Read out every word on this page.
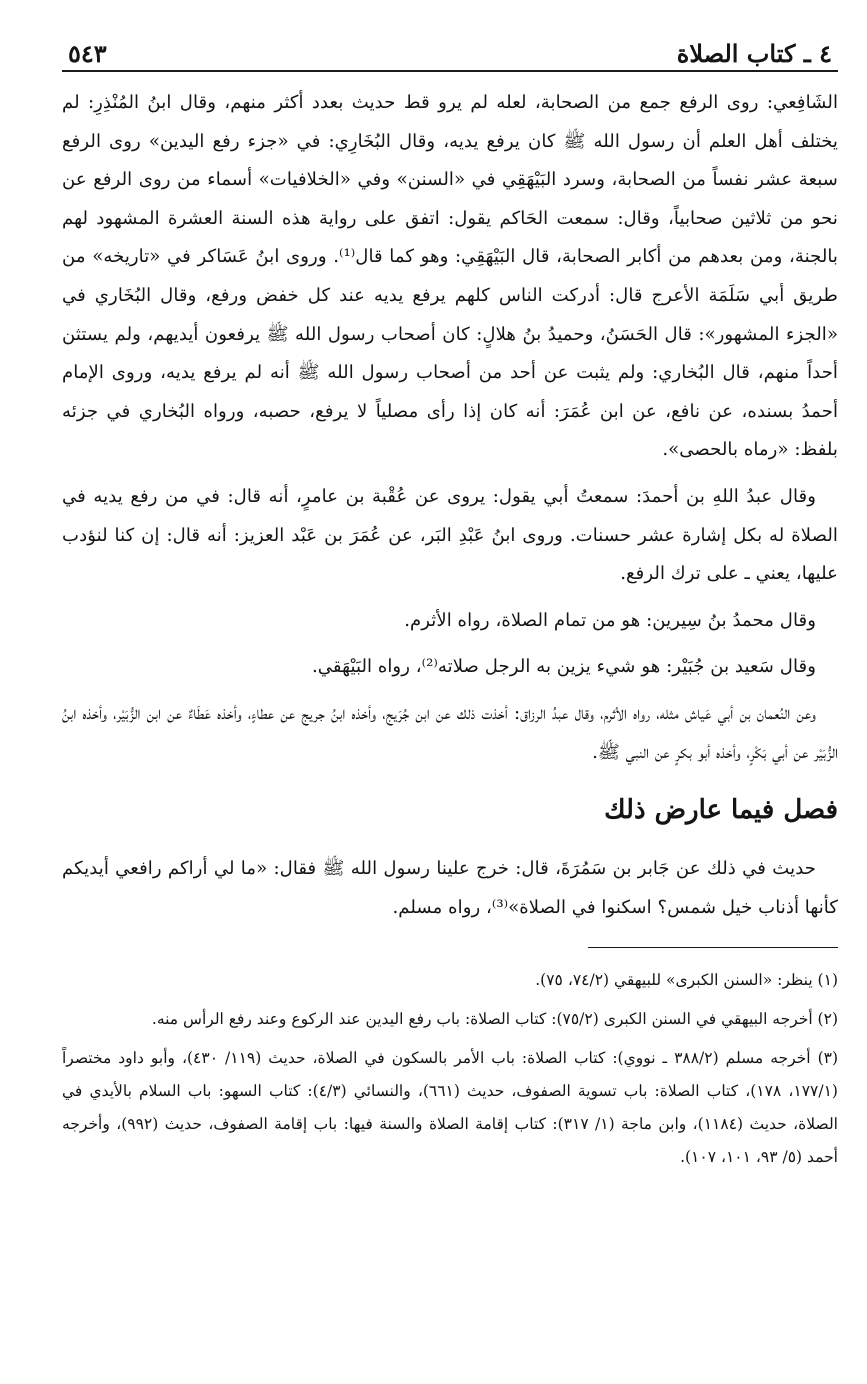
٤ ـ كتاب الصلاة
٥٤٣

الشَافِعي: روى الرفع جمع من الصحابة، لعله لم يرو قط حديث بعدد أكثر منهم، وقال ابنُ المُنْذِرِ: لم يختلف أهل العلم أن رسول الله ﷺ كان يرفع يديه، وقال البُخَارِي: في «جزء رفع اليدين» روى الرفع سبعة عشر نفساً من الصحابة، وسرد البَيْهَقِي في «السنن» وفي «الخلافيات» أسماء من روى الرفع عن نحو من ثلاثين صحابياً، وقال: سمعت الحَاكم يقول: اتفق على رواية هذه السنة العشرة المشهود لهم بالجنة، ومن بعدهم من أكابر الصحابة، قال البَيْهَقِي: وهو كما قال⁽¹⁾. وروى ابنُ عَسَاكر في «تاريخه» من طريق أبي سَلَمَة الأعرج قال: أدركت الناس كلهم يرفع يديه عند كل خفض ورفع، وقال البُخَاري في «الجزء المشهور»: قال الحَسَنُ، وحميدُ بنُ هلالٍ: كان أصحاب رسول الله ﷺ يرفعون أيديهم، ولم يستثن أحداً منهم، قال البُخاري: ولم يثبت عن أحد من أصحاب رسول الله ﷺ أنه لم يرفع يديه، وروى الإمام أحمدُ بسنده، عن نافع، عن ابن عُمَرَ: أنه كان إذا رأى مصلياً لا يرفع، حصبه، ورواه البُخاري في جزئه بلفظ: «رماه بالحصى».

وقال عبدُ اللهِ بن أحمدَ: سمعتُ أبي يقول: يروى عن عُقْبة بن عامرٍ، أنه قال: في من رفع يديه في الصلاة له بكل إشارة عشر حسنات. وروى ابنُ عَبْدِ البَر، عن عُمَرَ بن عَبْد العزيز: أنه قال: إن كنا لنؤدب عليها، يعني ـ على ترك الرفع.

وقال محمدُ بنُ سِيرين: هو من تمام الصلاة، رواه الأثرم.

وقال سَعيد بن جُبَيْر: هو شيء يزين به الرجل صلاته⁽²⁾، رواه البَيْهَقي.

وعن النُعمان بن أبي عَياش مثله، رواه الأثرم، وقال عبدُ الرزاق: أخذت ذلك عن ابن جُرَيج، وأخذه ابنُ جريج عن عطاءٍ، وأخذه عَطَاءٌ عن ابن الزُّبَيْر، وأخذه ابنُ الزُّبَيْر عن أبي بَكْرٍ، وأخذه أبو بكرٍ عن النبي ﷺ.

فصل فيما عارض ذلك

حديث في ذلك عن جَابر بن سَمُرَةَ، قال: خرج علينا رسول الله ﷺ فقال: «ما لي أراكم رافعي أيديكم كأنها أذناب خيل شمس؟ اسكنوا في الصلاة»⁽³⁾، رواه مسلم.

(١) ينظر: «السنن الكبرى» للبيهقي (٧٤/٢، ٧٥).

(٢) أخرجه البيهقي في السنن الكبرى (٧٥/٢): كتاب الصلاة: باب رفع اليدين عند الركوع وعند رفع الرأس منه.

(٣) أخرجه مسلم (٣٨٨/٢ ـ نووي): كتاب الصلاة: باب الأمر بالسكون في الصلاة، حديث (١١٩/ ٤٣٠)، وأبو داود مختصراً (١٧٧/١، ١٧٨)، كتاب الصلاة: باب تسوية الصفوف، حديث (٦٦١)، والنسائي (٤/٣): كتاب السهو: باب السلام بالأيدي في الصلاة، حديث (١١٨٤)، وابن ماجة (١/ ٣١٧): كتاب إقامة الصلاة والسنة فيها: باب إقامة الصفوف، حديث (٩٩٢)، وأخرجه أحمد (٥/ ٩٣، ١٠١، ١٠٧).
